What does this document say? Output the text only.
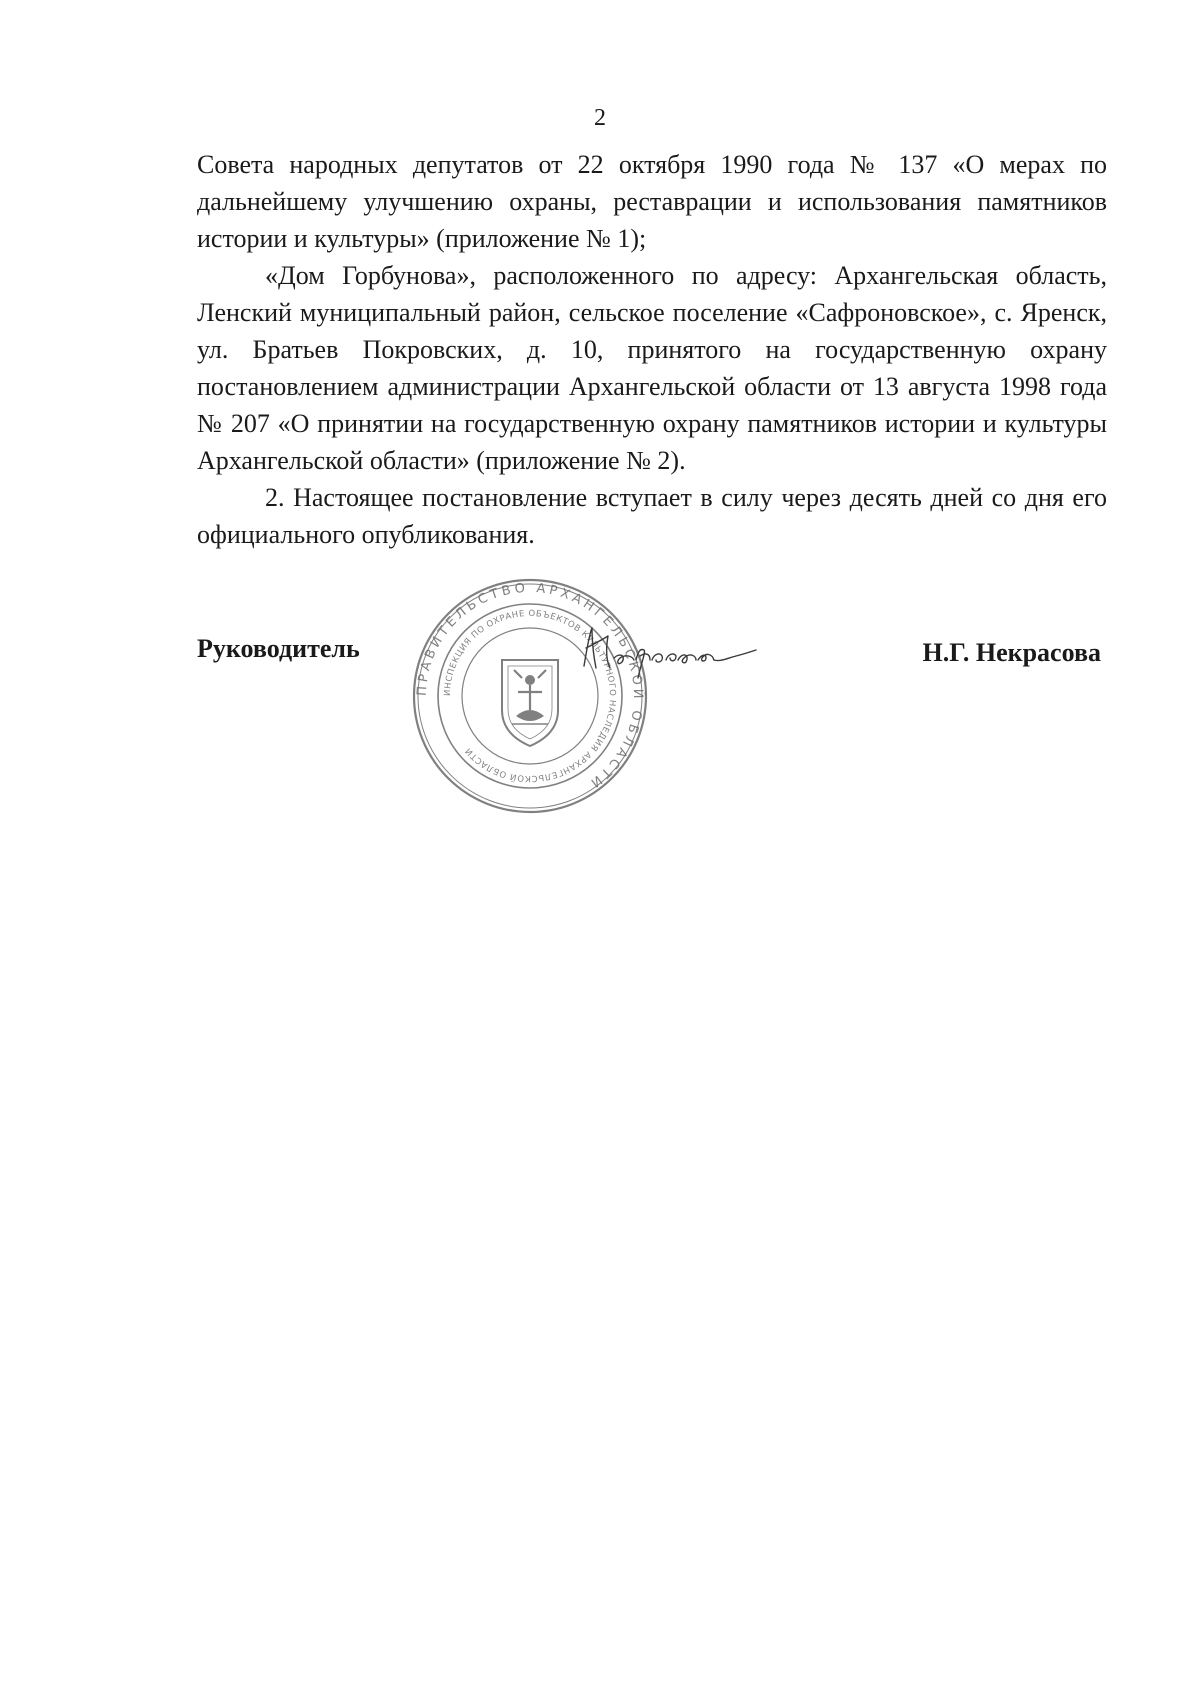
2

Совета народных депутатов от 22 октября 1990 года № 137 «О мерах по дальнейшему улучшению охраны, реставрации и использования памятников истории и культуры» (приложение № 1);

«Дом Горбунова», расположенного по адресу: Архангельская область, Ленский муниципальный район, сельское поселение «Сафроновское», с. Яренск, ул. Братьев Покровских, д. 10, принятого на государственную охрану постановлением администрации Архангельской области от 13 августа 1998 года № 207 «О принятии на государственную охрану памятников истории и культуры Архангельской области» (приложение № 2).

2. Настоящее постановление вступает в силу через десять дней со дня его официального опубликования.

Руководитель	Н.Г. Некрасова
ПРАВИТЕЛЬСТВО АРХАНГЕЛЬСКОЙ ОБЛАСТИ
ИНСПЕКЦИЯ ПО ОХРАНЕ ОБЪЕКТОВ КУЛЬТУРНОГО НАСЛЕДИЯ АРХАНГЕЛЬСКОЙ ОБЛАСТИ
